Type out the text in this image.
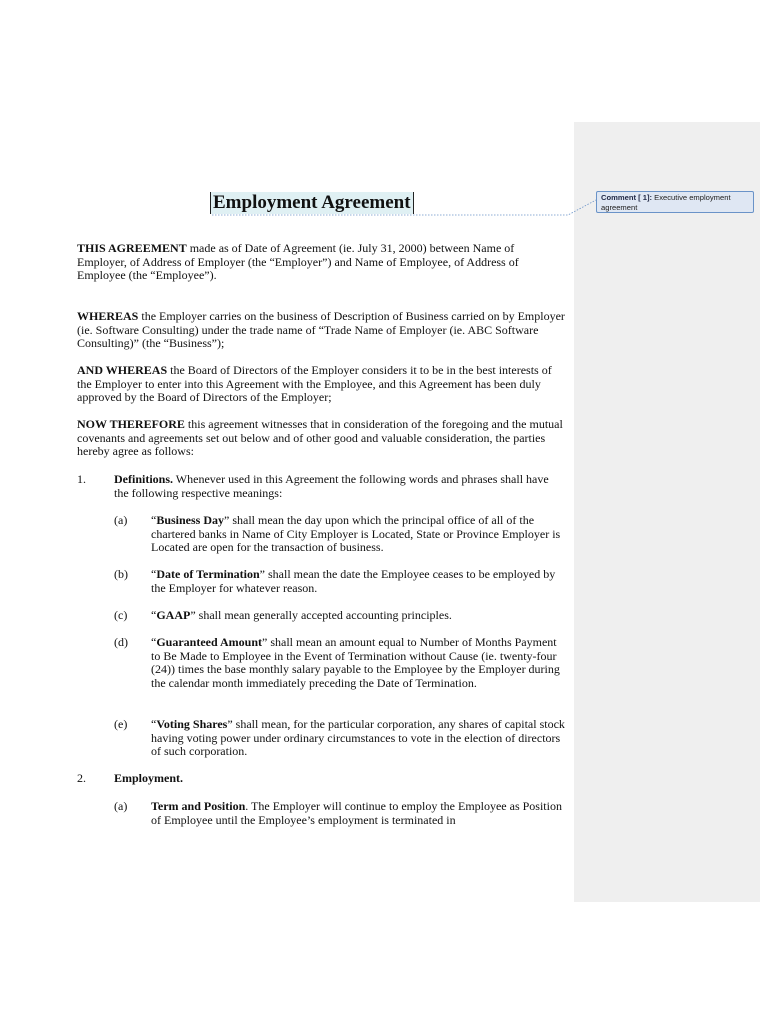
Comment [ 1]: Executive employment agreement
Employment Agreement

THIS AGREEMENT made as of Date of Agreement (ie. July 31, 2000) between Name of Employer, of Address of Employer (the “Employer”) and Name of Employee, of Address of Employee (the “Employee”).

WHEREAS the Employer carries on the business of Description of Business carried on by Employer (ie. Software Consulting) under the trade name of “Trade Name of Employer (ie. ABC Software Consulting)” (the “Business”);

AND WHEREAS the Board of Directors of the Employer considers it to be in the best interests of the Employer to enter into this Agreement with the Employee, and this Agreement has been duly approved by the Board of Directors of the Employer;

NOW THEREFORE this agreement witnesses that in consideration of the foregoing and the mutual covenants and agreements set out below and of other good and valuable consideration, the parties hereby agree as follows:

1. Definitions. Whenever used in this Agreement the following words and phrases shall have the following respective meanings:
(a) “Business Day” shall mean the day upon which the principal office of all of the chartered banks in Name of City Employer is Located, State or Province Employer is Located are open for the transaction of business.
(b) “Date of Termination” shall mean the date the Employee ceases to be employed by the Employer for whatever reason.
(c) “GAAP” shall mean generally accepted accounting principles.
(d) “Guaranteed Amount” shall mean an amount equal to Number of Months Payment to Be Made to Employee in the Event of Termination without Cause (ie. twenty-four (24)) times the base monthly salary payable to the Employee by the Employer during the calendar month immediately preceding the Date of Termination.
(e) “Voting Shares” shall mean, for the particular corporation, any shares of capital stock having voting power under ordinary circumstances to vote in the election of directors of such corporation.
2. Employment.
(a) Term and Position. The Employer will continue to employ the Employee as Position of Employee until the Employee’s employment is terminated in
